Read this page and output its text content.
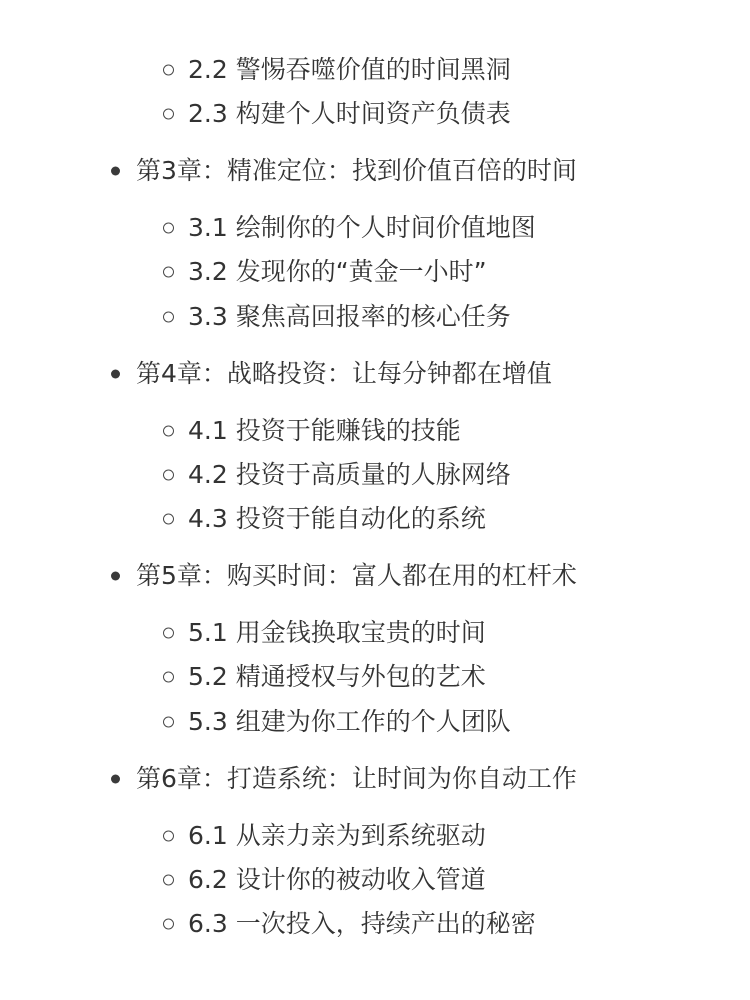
2.2 警惕吞噬价值的时间黑洞
2.3 构建个人时间资产负债表
第3章：精准定位：找到价值百倍的时间
3.1 绘制你的个人时间价值地图
3.2 发现你的“黄金一小时”
3.3 聚焦高回报率的核心任务
第4章：战略投资：让每分钟都在增值
4.1 投资于能赚钱的技能
4.2 投资于高质量的人脉网络
4.3 投资于能自动化的系统
第5章：购买时间：富人都在用的杠杆术
5.1 用金钱换取宝贵的时间
5.2 精通授权与外包的艺术
5.3 组建为你工作的个人团队
第6章：打造系统：让时间为你自动工作
6.1 从亲力亲为到系统驱动
6.2 设计你的被动收入管道
6.3 一次投入，持续产出的秘密
